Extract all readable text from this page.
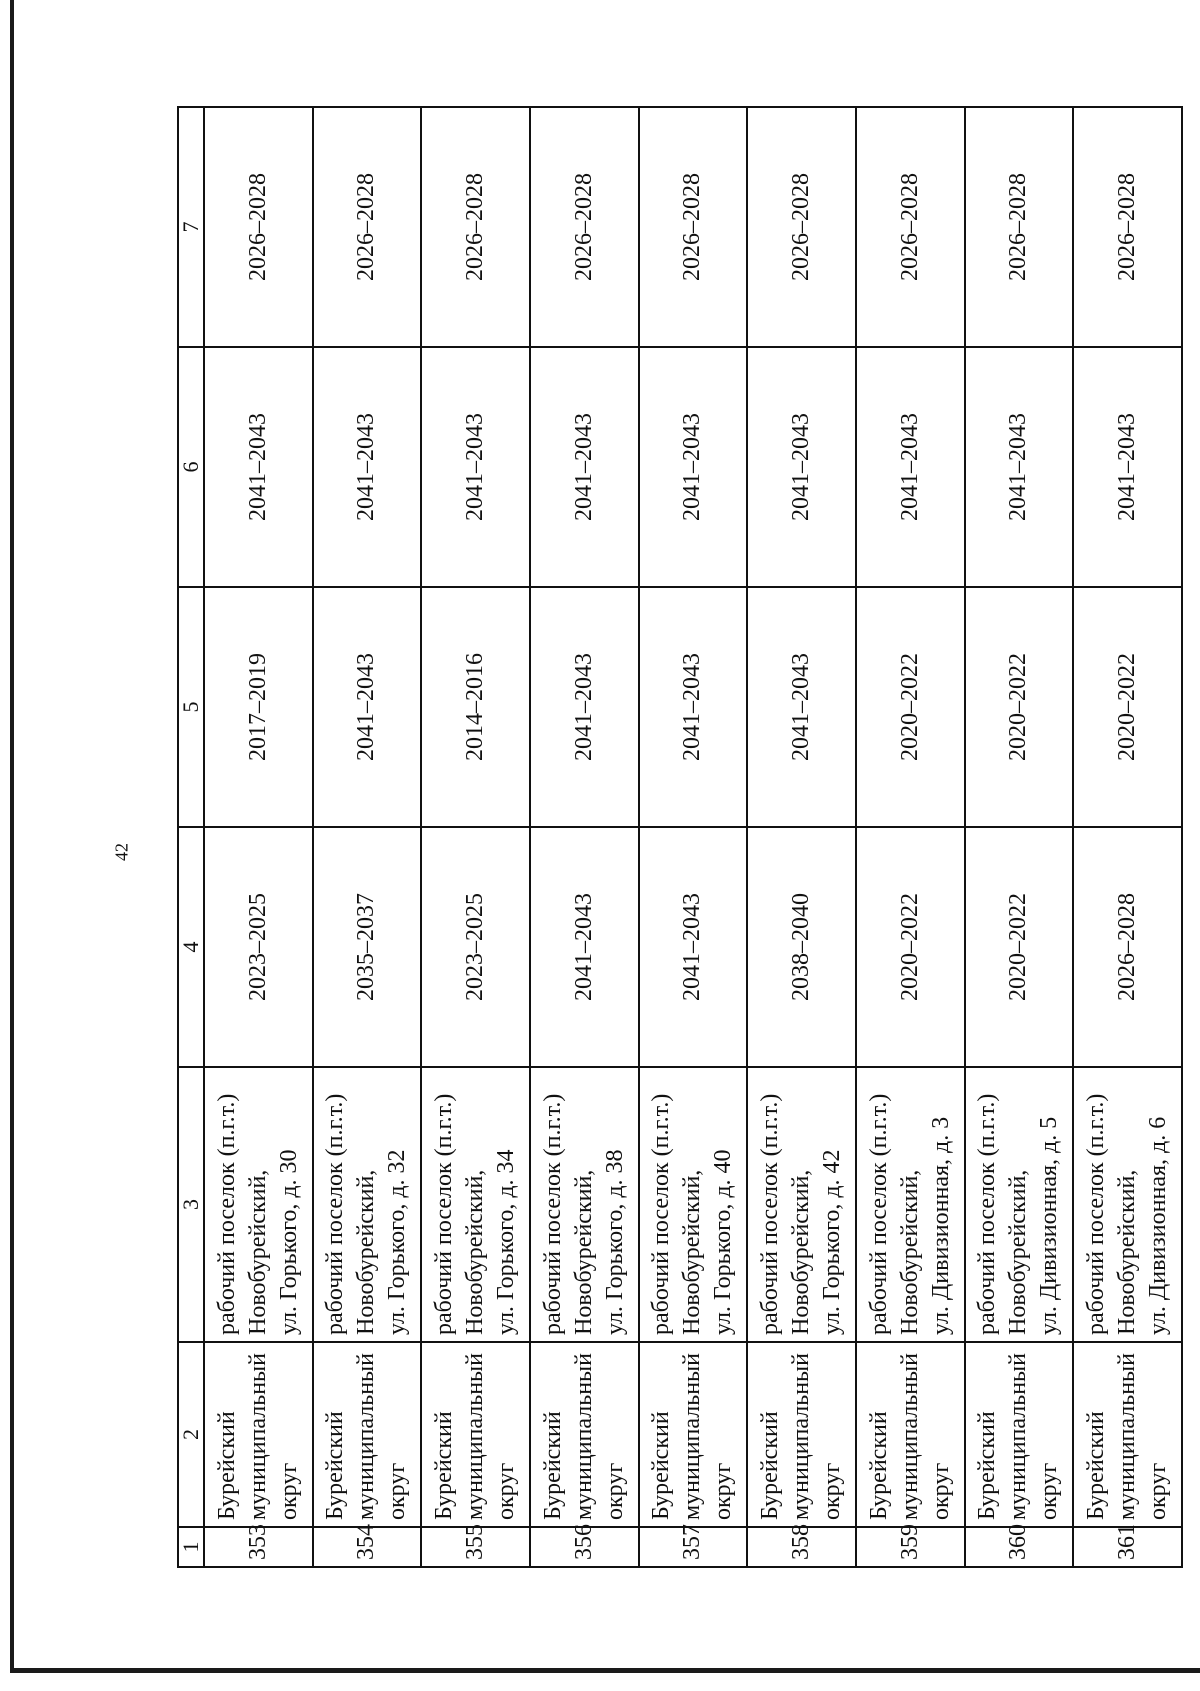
42
1	2	3	4	5	6	7
353	Бурейский муниципальный округ	рабочий поселок (п.г.т.) Новобурейский, ул. Горького, д. 30	2023–2025	2017–2019	2041–2043	2026–2028
354	Бурейский муниципальный округ	рабочий поселок (п.г.т.) Новобурейский, ул. Горького, д. 32	2035–2037	2041–2043	2041–2043	2026–2028
355	Бурейский муниципальный округ	рабочий поселок (п.г.т.) Новобурейский, ул. Горького, д. 34	2023–2025	2014–2016	2041–2043	2026–2028
356	Бурейский муниципальный округ	рабочий поселок (п.г.т.) Новобурейский, ул. Горького, д. 38	2041–2043	2041–2043	2041–2043	2026–2028
357	Бурейский муниципальный округ	рабочий поселок (п.г.т.) Новобурейский, ул. Горького, д. 40	2041–2043	2041–2043	2041–2043	2026–2028
358	Бурейский муниципальный округ	рабочий поселок (п.г.т.) Новобурейский, ул. Горького, д. 42	2038–2040	2041–2043	2041–2043	2026–2028
359	Бурейский муниципальный округ	рабочий поселок (п.г.т.) Новобурейский, ул. Дивизионная, д. 3	2020–2022	2020–2022	2041–2043	2026–2028
360	Бурейский муниципальный округ	рабочий поселок (п.г.т.) Новобурейский, ул. Дивизионная, д. 5	2020–2022	2020–2022	2041–2043	2026–2028
361	Бурейский муниципальный округ	рабочий поселок (п.г.т.) Новобурейский, ул. Дивизионная, д. 6	2026–2028	2020–2022	2041–2043	2026–2028
